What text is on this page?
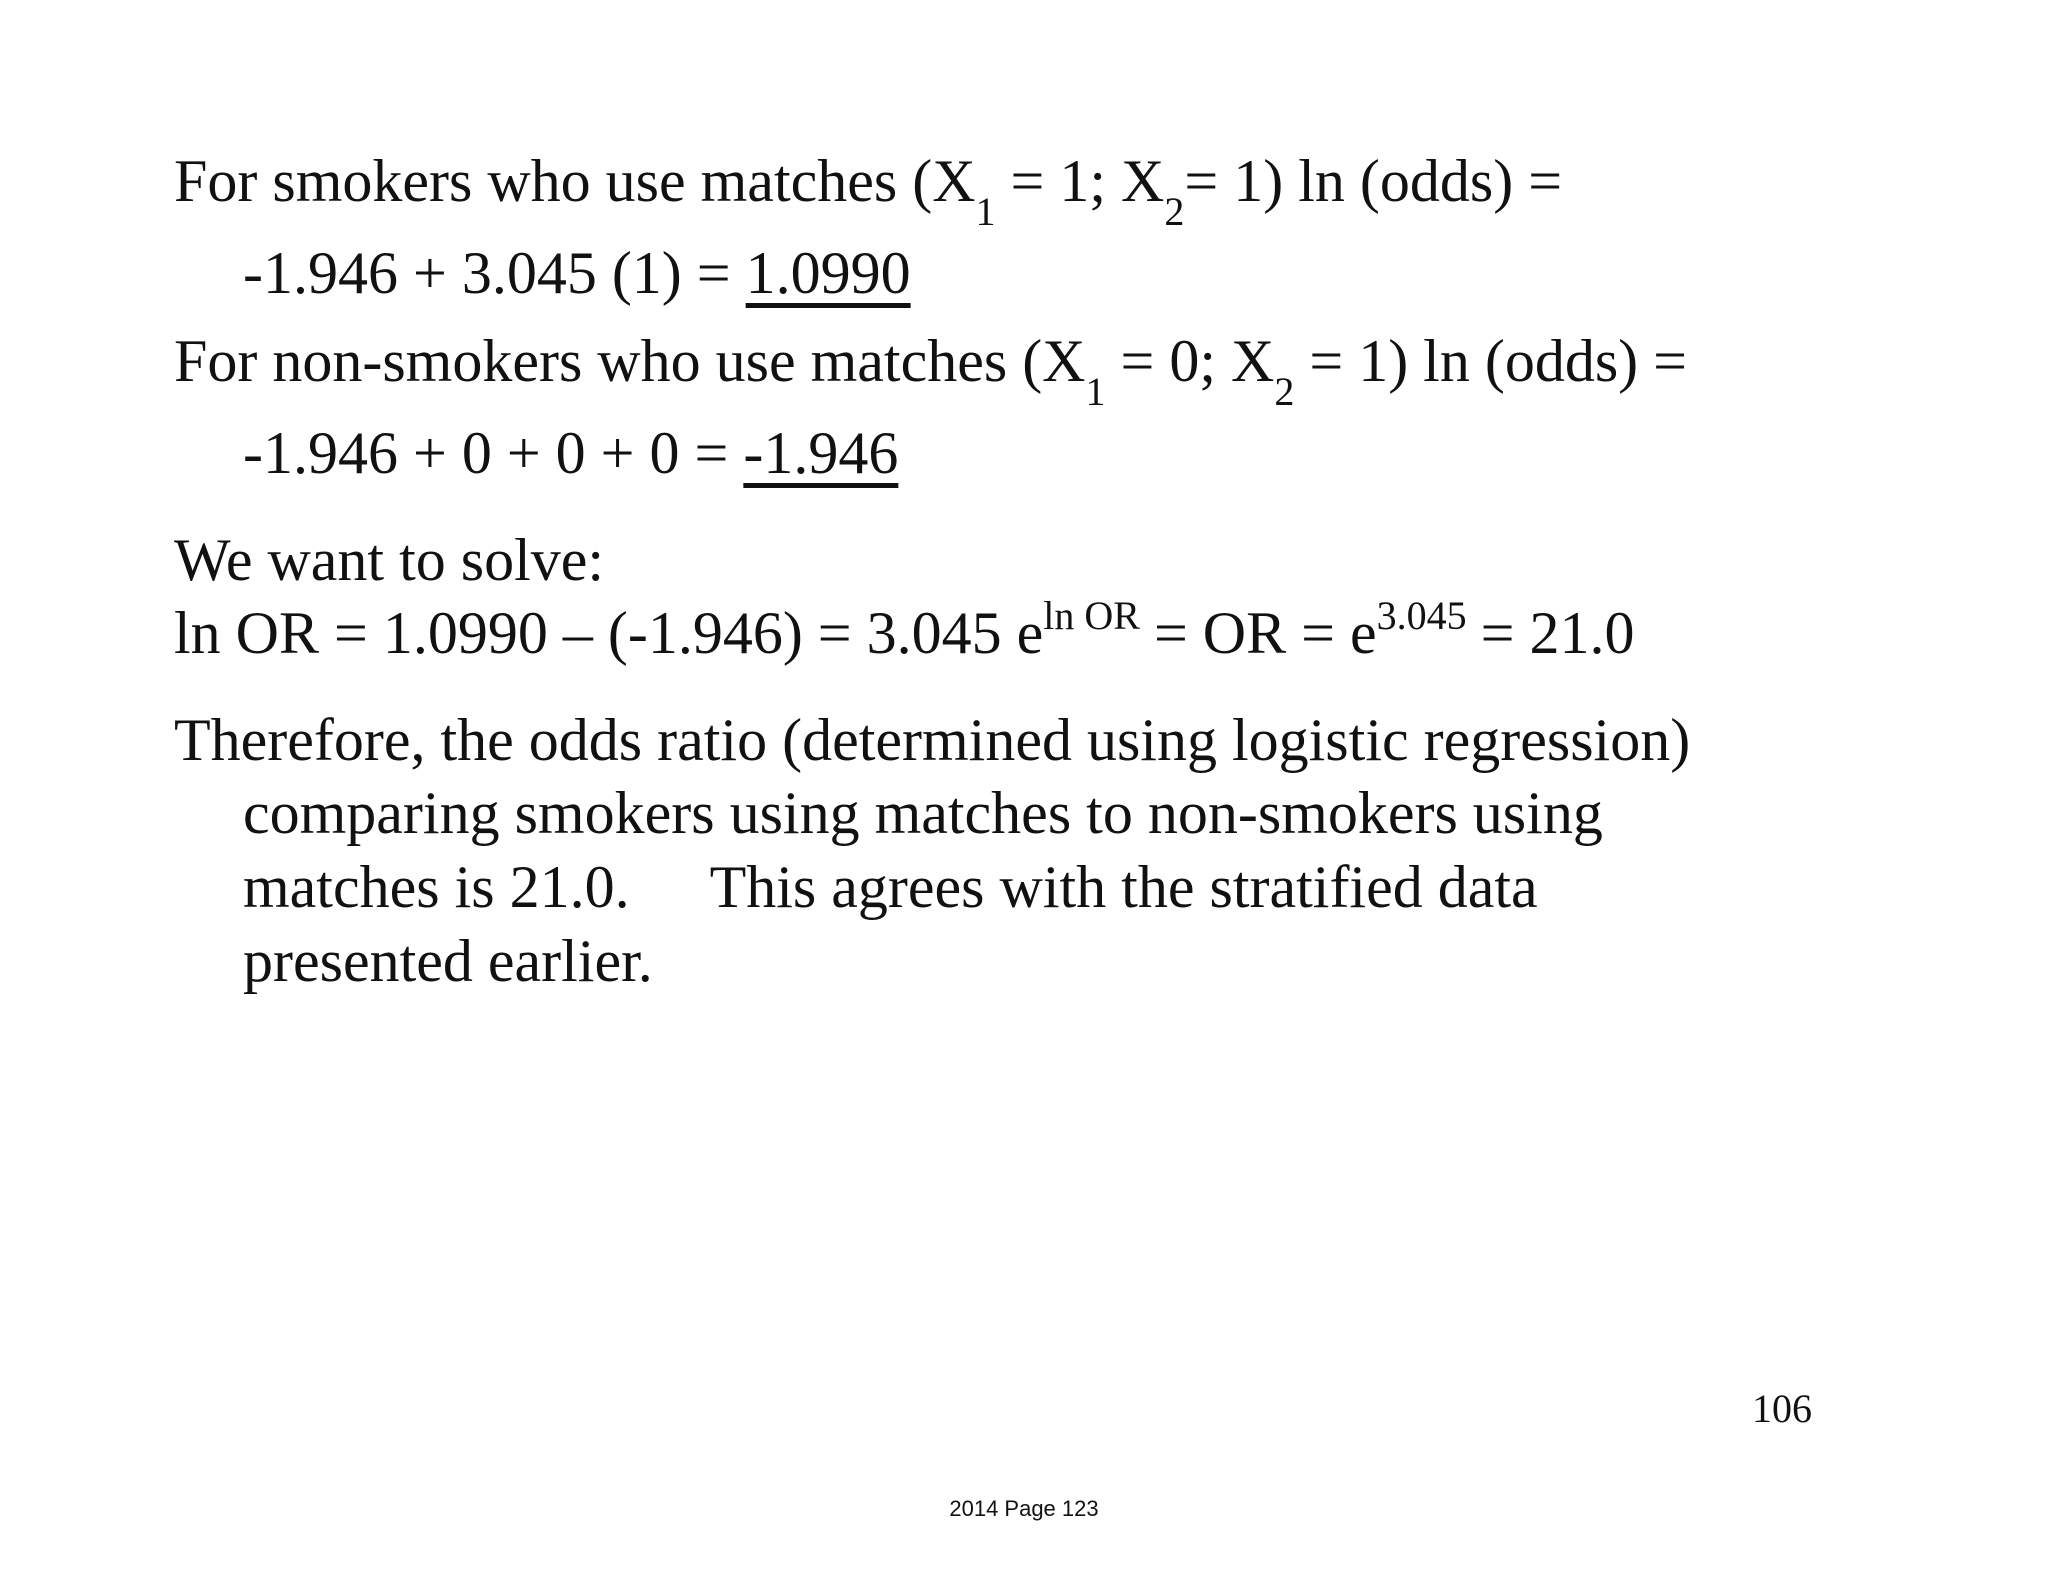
For smokers who use matches ($X_1 = 1$; $X_2= 1$) ln (odds) =
-1.946 + 3.045 (1) = 1.0990
For non-smokers who use matches ($X_1 = 0$; $X_2 = 1$) ln (odds) =
-1.946 + 0 + 0 + 0 = -1.946
We want to solve:
ln OR = 1.0990 – (-1.946) = 3.045 $e^{ln OR}$ = OR = $e^{3.045} = 21.0$
Therefore, the odds ratio (determined using logistic regression)
comparing smokers using matches to non-smokers using
matches is 21.0. This agrees with the stratified data
presented earlier.
106
2014 Page 123
